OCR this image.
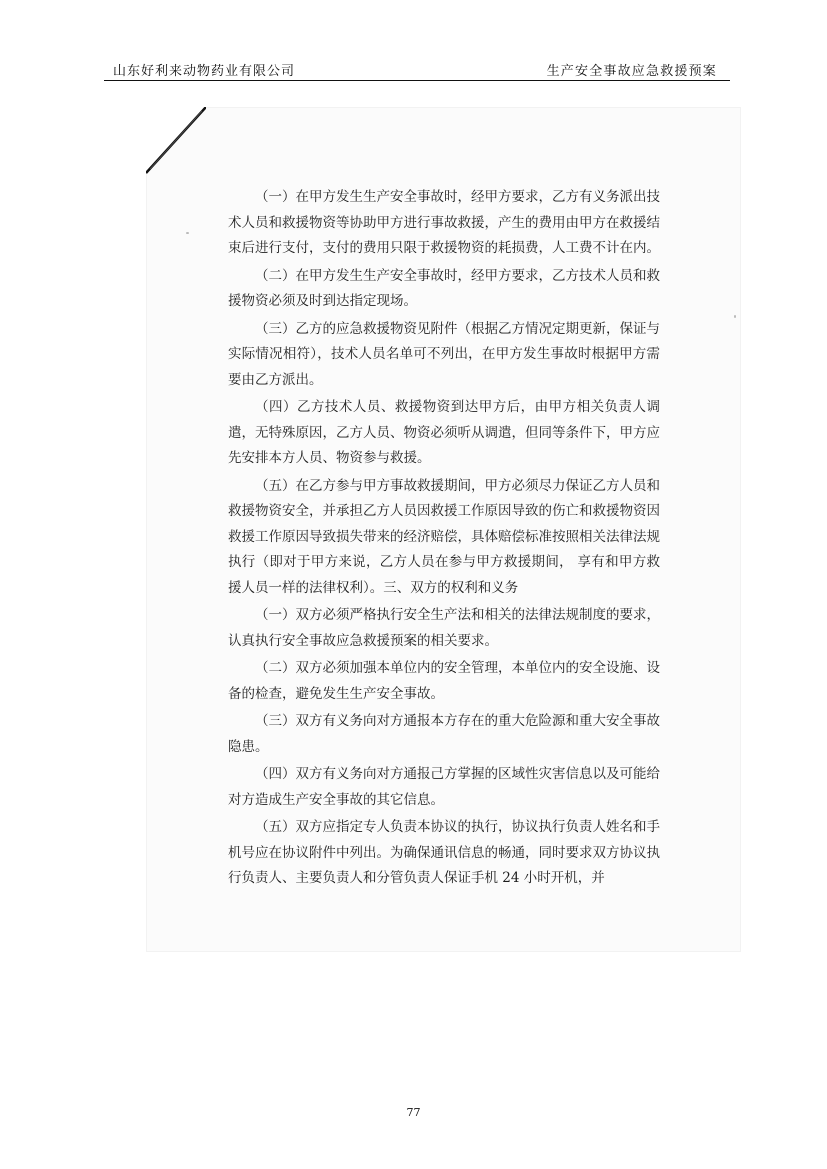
山东好利来动物药业有限公司	生产安全事故应急救援预案

（一）在甲方发生生产安全事故时，经甲方要求，乙方有义务派出技术人员和救援物资等协助甲方进行事故救援，产生的费用由甲方在救援结束后进行支付，支付的费用只限于救援物资的耗损费，人工费不计在内。

（二）在甲方发生生产安全事故时，经甲方要求，乙方技术人员和救援物资必须及时到达指定现场。

（三）乙方的应急救援物资见附件（根据乙方情况定期更新，保证与实际情况相符），技术人员名单可不列出，在甲方发生事故时根据甲方需要由乙方派出。

（四）乙方技术人员、救援物资到达甲方后，由甲方相关负责人调遣，无特殊原因，乙方人员、物资必须听从调遣，但同等条件下，甲方应先安排本方人员、物资参与救援。

（五）在乙方参与甲方事故救援期间，甲方必须尽力保证乙方人员和救援物资安全，并承担乙方人员因救援工作原因导致的伤亡和救援物资因救援工作原因导致损失带来的经济赔偿，具体赔偿标准按照相关法律法规执行（即对于甲方来说，乙方人员在参与甲方救援期间， 享有和甲方救援人员一样的法律权利）。三、双方的权利和义务

（一）双方必须严格执行安全生产法和相关的法律法规制度的要求，认真执行安全事故应急救援预案的相关要求。

（二）双方必须加强本单位内的安全管理，本单位内的安全设施、设备的检查，避免发生生产安全事故。

（三）双方有义务向对方通报本方存在的重大危险源和重大安全事故隐患。

（四）双方有义务向对方通报己方掌握的区域性灾害信息以及可能给对方造成生产安全事故的其它信息。

（五）双方应指定专人负责本协议的执行，协议执行负责人姓名和手机号应在协议附件中列出。为确保通讯信息的畅通，同时要求双方协议执行负责人、主要负责人和分管负责人保证手机 24 小时开机，并

77
